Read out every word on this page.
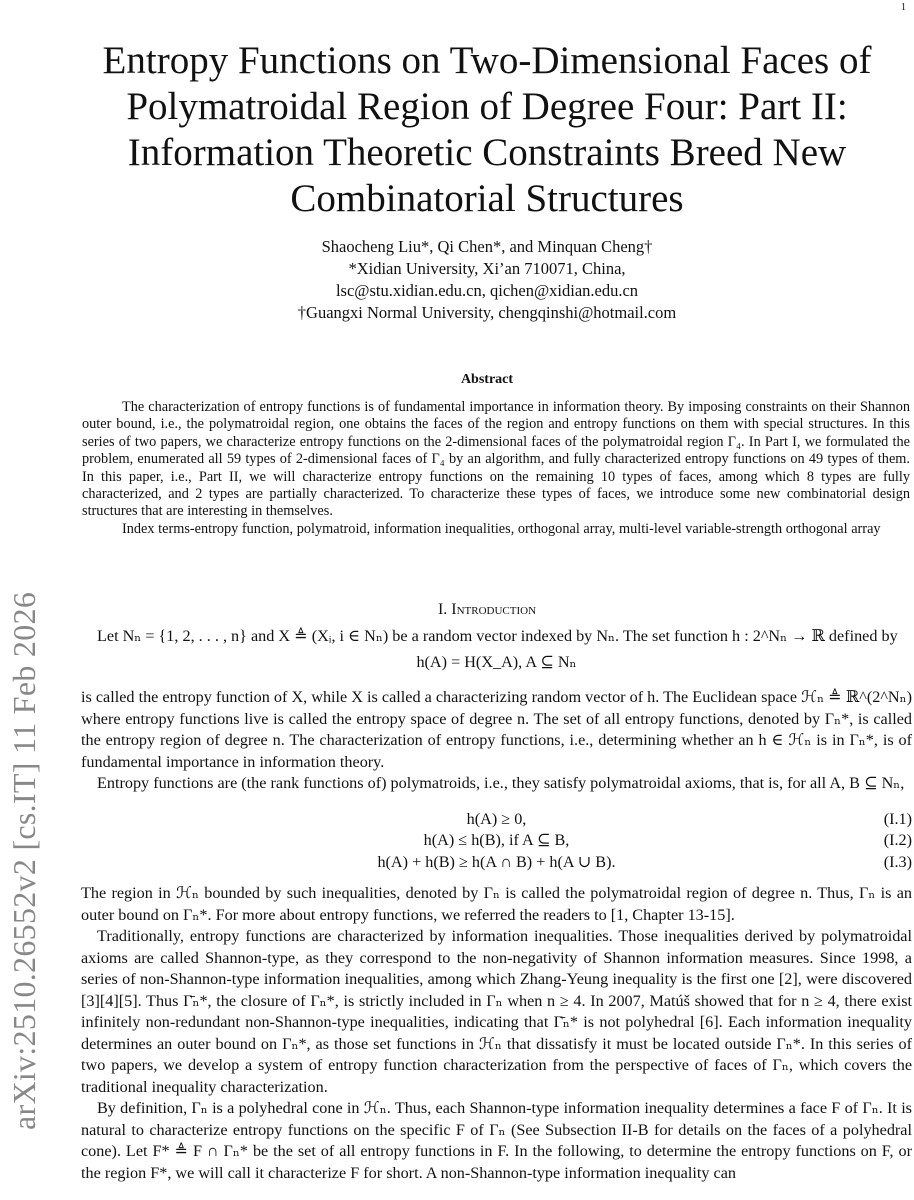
1
arXiv:2510.26552v2 [cs.IT] 11 Feb 2026
Entropy Functions on Two-Dimensional Faces of
Polymatroidal Region of Degree Four: Part II:
Information Theoretic Constraints Breed New
Combinatorial Structures
Shaocheng Liu*, Qi Chen*, and Minquan Cheng†
*Xidian University, Xi’an 710071, China,
lsc@stu.xidian.edu.cn, qichen@xidian.edu.cn
†Guangxi Normal University, chengqinshi@hotmail.com
Abstract

The characterization of entropy functions is of fundamental importance in information theory. By imposing constraints on their Shannon outer bound, i.e., the polymatroidal region, one obtains the faces of the region and entropy functions on them with special structures. In this series of two papers, we characterize entropy functions on the 2-dimensional faces of the polymatroidal region Γ₄. In Part I, we formulated the problem, enumerated all 59 types of 2-dimensional faces of Γ₄ by an algorithm, and fully characterized entropy functions on 49 types of them. In this paper, i.e., Part II, we will characterize entropy functions on the remaining 10 types of faces, among which 8 types are fully characterized, and 2 types are partially characterized. To characterize these types of faces, we introduce some new combinatorial design structures that are interesting in themselves.

Index terms-entropy function, polymatroid, information inequalities, orthogonal array, multi-level variable-strength orthogonal array

I. Introduction

Let Nₙ = {1, 2, . . . , n} and X ≜ (Xᵢ, i ∈ Nₙ) be a random vector indexed by Nₙ. The set function h : 2^Nₙ → ℝ defined by

h(A) = H(X_A), A ⊆ Nₙ

is called the entropy function of X, while X is called a characterizing random vector of h. The Euclidean space ℋₙ ≜ ℝ^(2^Nₙ) where entropy functions live is called the entropy space of degree n. The set of all entropy functions, denoted by Γₙ*, is called the entropy region of degree n. The characterization of entropy functions, i.e., determining whether an h ∈ ℋₙ is in Γₙ*, is of fundamental importance in information theory.

Entropy functions are (the rank functions of) polymatroids, i.e., they satisfy polymatroidal axioms, that is, for all A, B ⊆ Nₙ,

h(A) ≥ 0,	(I.1)
h(A) ≤ h(B), if A ⊆ B,	(I.2)
h(A) + h(B) ≥ h(A ∩ B) + h(A ∪ B).	(I.3)

The region in ℋₙ bounded by such inequalities, denoted by Γₙ is called the polymatroidal region of degree n. Thus, Γₙ is an outer bound on Γₙ*. For more about entropy functions, we referred the readers to [1, Chapter 13-15].

Traditionally, entropy functions are characterized by information inequalities. Those inequalities derived by polymatroidal axioms are called Shannon-type, as they correspond to the non-negativity of Shannon information measures. Since 1998, a series of non-Shannon-type information inequalities, among which Zhang-Yeung inequality is the first one [2], were discovered [3][4][5]. Thus Γ̄ₙ*, the closure of Γₙ*, is strictly included in Γₙ when n ≥ 4. In 2007, Matúš showed that for n ≥ 4, there exist infinitely non-redundant non-Shannon-type inequalities, indicating that Γ̄ₙ* is not polyhedral [6]. Each information inequality determines an outer bound on Γₙ*, as those set functions in ℋₙ that dissatisfy it must be located outside Γₙ*. In this series of two papers, we develop a system of entropy function characterization from the perspective of faces of Γₙ, which covers the traditional inequality characterization.

By definition, Γₙ is a polyhedral cone in ℋₙ. Thus, each Shannon-type information inequality determines a face F of Γₙ. It is natural to characterize entropy functions on the specific F of Γₙ (See Subsection II-B for details on the faces of a polyhedral cone). Let F* ≜ F ∩ Γₙ* be the set of all entropy functions in F. In the following, to determine the entropy functions on F, or the region F*, we will call it characterize F for short. A non-Shannon-type information inequality can
